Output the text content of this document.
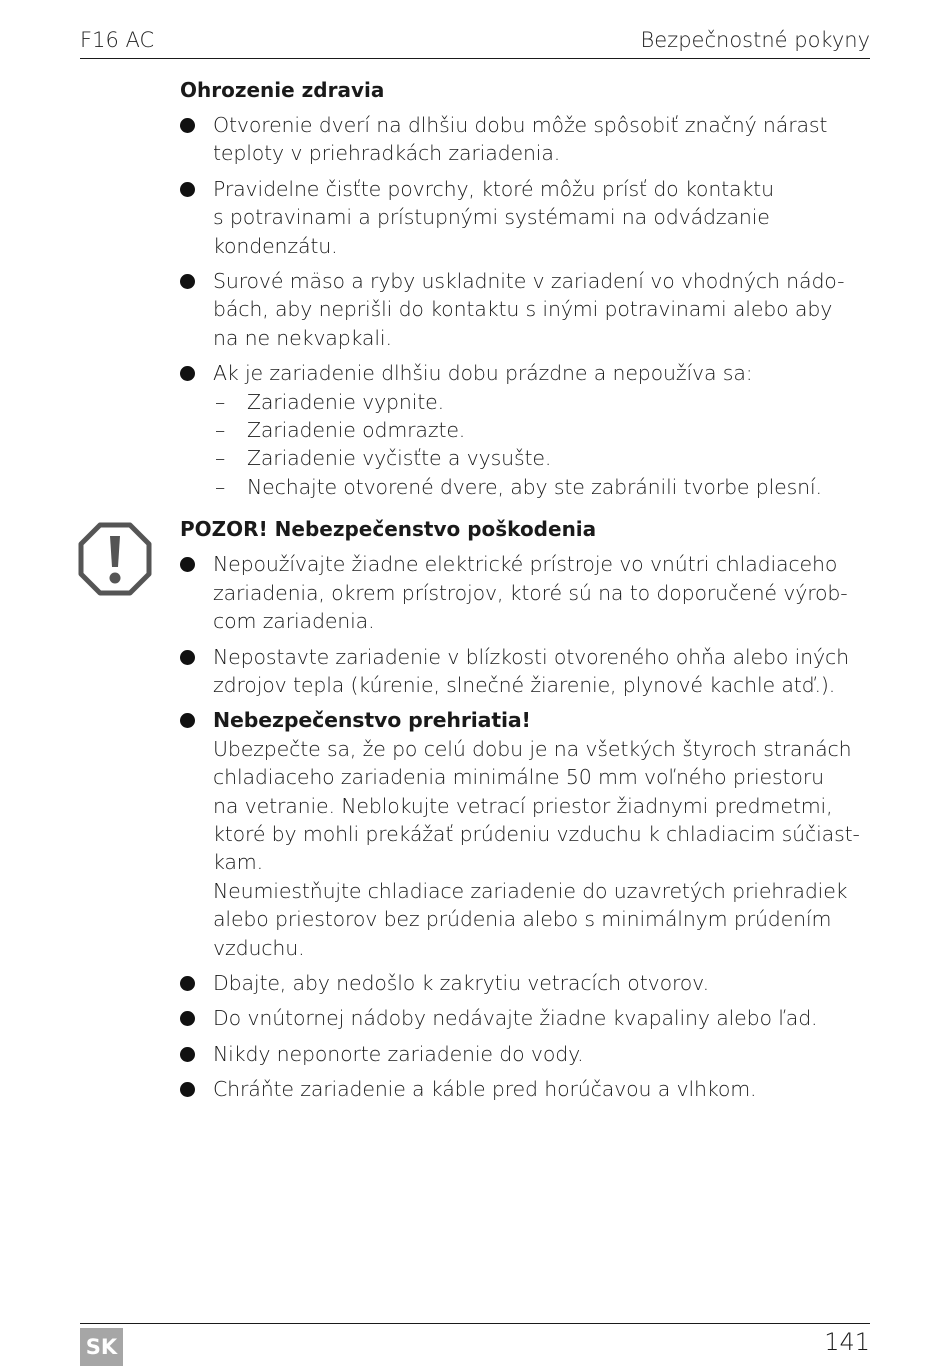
F16 AC	Bezpečnostné pokyny
Ohrozenie zdravia
Otvorenie dverí na dlhšiu dobu môže spôsobiť značný nárast
teploty v priehradkách zariadenia.
Pravidelne čisťte povrchy, ktoré môžu prísť do kontaktu
s potravinami a prístupnými systémami na odvádzanie
kondenzátu.
Surové mäso a ryby uskladnite v zariadení vo vhodných nádo-
bách, aby neprišli do kontaktu s inými potravinami alebo aby
na ne nekvapkali.
Ak je zariadenie dlhšiu dobu prázdne a nepoužíva sa:
– Zariadenie vypnite.
– Zariadenie odmrazte.
– Zariadenie vyčisťte a vysušte.
– Nechajte otvorené dvere, aby ste zabránili tvorbe plesní.
POZOR! Nebezpečenstvo poškodenia
Nepoužívajte žiadne elektrické prístroje vo vnútri chladiaceho
zariadenia, okrem prístrojov, ktoré sú na to doporučené výrob-
com zariadenia.
Nepostavte zariadenie v blízkosti otvoreného ohňa alebo iných
zdrojov tepla (kúrenie, slnečné žiarenie, plynové kachle atď.).
Nebezpečenstvo prehriatia!
Ubezpečte sa, že po celú dobu je na všetkých štyroch stranách
chladiaceho zariadenia minimálne 50 mm voľného priestoru
na vetranie. Neblokujte vetrací priestor žiadnymi predmetmi,
ktoré by mohli prekážať prúdeniu vzduchu k chladiacim súčiast-
kam.
Neumiestňujte chladiace zariadenie do uzavretých priehradiek
alebo priestorov bez prúdenia alebo s minimálnym prúdením
vzduchu.
Dbajte, aby nedošlo k zakrytiu vetracích otvorov.
Do vnútornej nádoby nedávajte žiadne kvapaliny alebo ľad.
Nikdy neponorte zariadenie do vody.
Chráňte zariadenie a káble pred horúčavou a vlhkom.
SK	141
